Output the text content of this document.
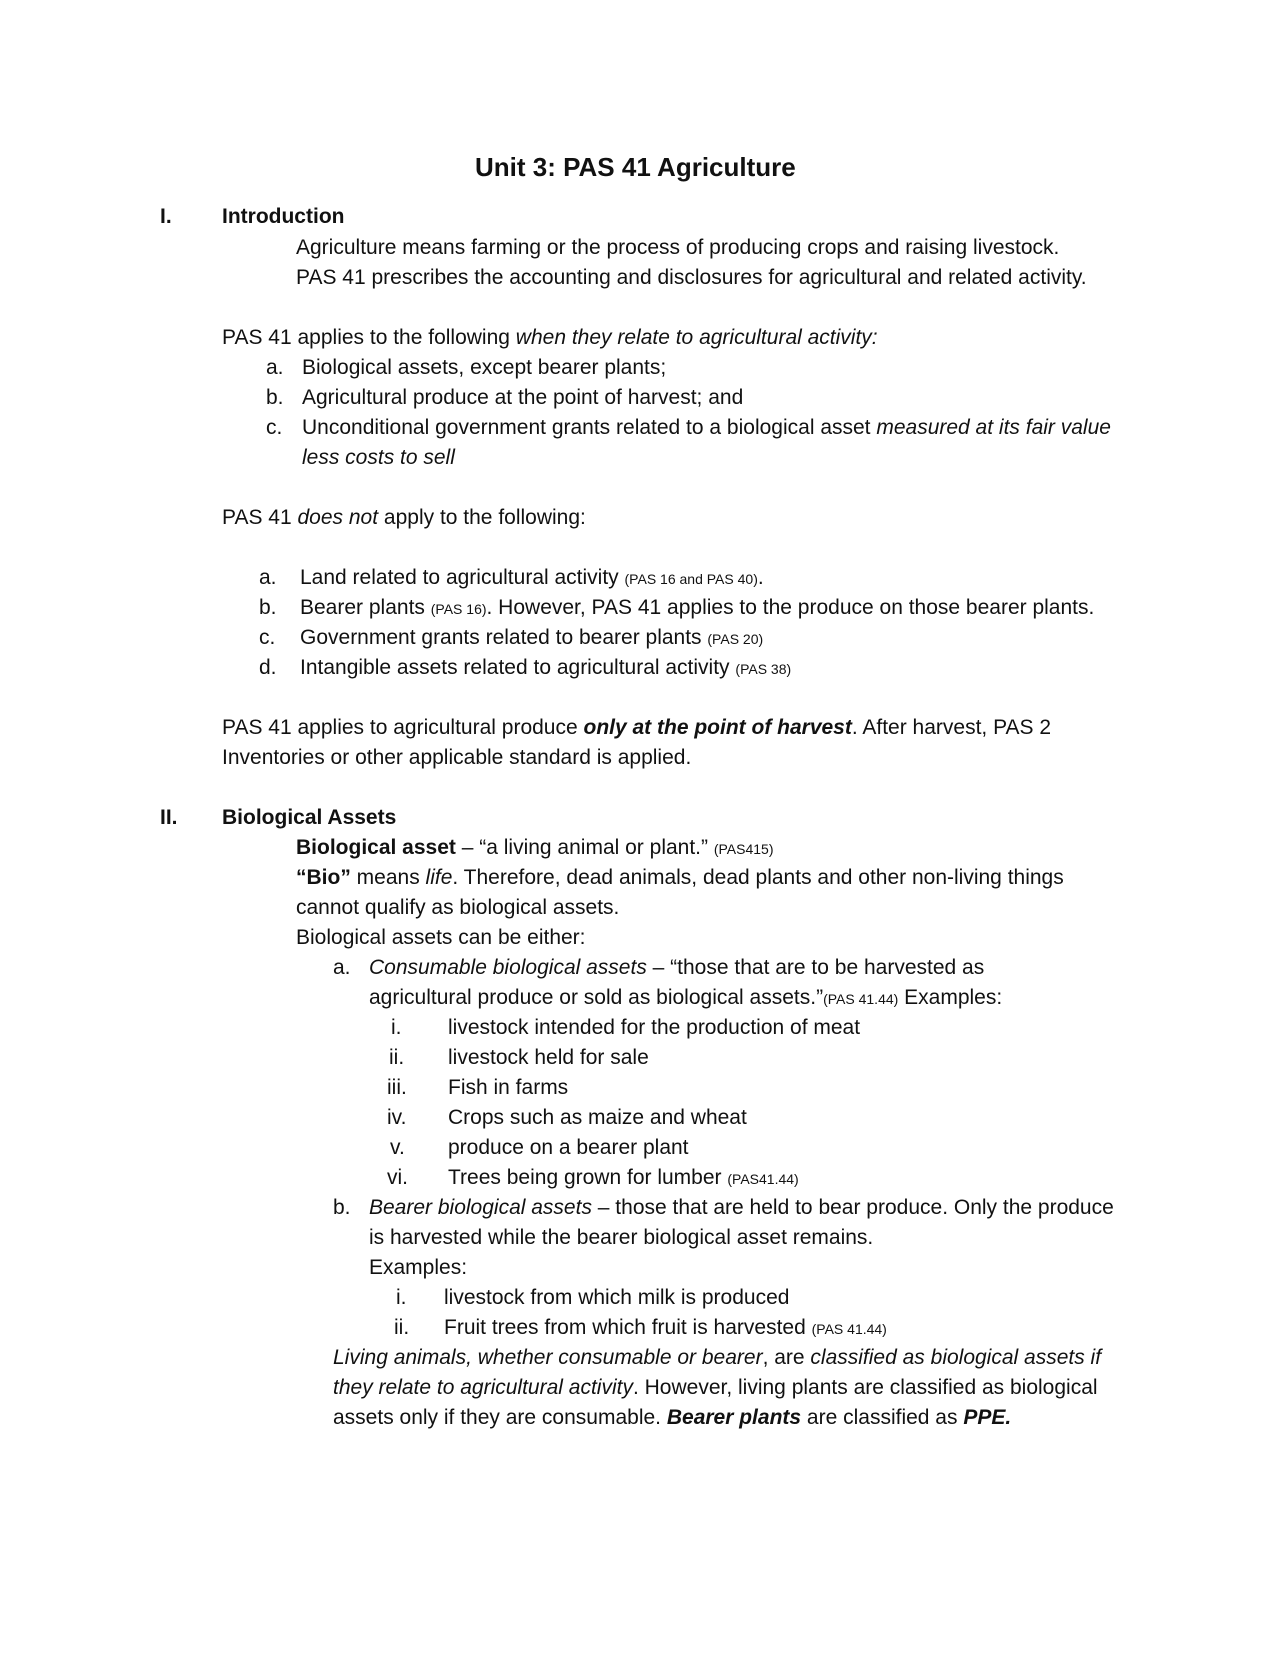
Unit 3: PAS 41 Agriculture
I. Introduction
Agriculture means farming or the process of producing crops and raising livestock.
PAS 41 prescribes the accounting and disclosures for agricultural and related activity.
PAS 41 applies to the following when they relate to agricultural activity:
a. Biological assets, except bearer plants;
b. Agricultural produce at the point of harvest; and
c. Unconditional government grants related to a biological asset measured at its fair value
less costs to sell
PAS 41 does not apply to the following:
a. Land related to agricultural activity (PAS 16 and PAS 40).
b. Bearer plants (PAS 16). However, PAS 41 applies to the produce on those bearer plants.
c. Government grants related to bearer plants (PAS 20)
d. Intangible assets related to agricultural activity (PAS 38)
PAS 41 applies to agricultural produce only at the point of harvest. After harvest, PAS 2
Inventories or other applicable standard is applied.
II. Biological Assets
Biological asset – “a living animal or plant.” (PAS415)
“Bio” means life. Therefore, dead animals, dead plants and other non-living things
cannot qualify as biological assets.
Biological assets can be either:
a. Consumable biological assets – “those that are to be harvested as
agricultural produce or sold as biological assets.”(PAS 41.44) Examples:
i. livestock intended for the production of meat
ii. livestock held for sale
iii. Fish in farms
iv. Crops such as maize and wheat
v. produce on a bearer plant
vi. Trees being grown for lumber (PAS41.44)
b. Bearer biological assets – those that are held to bear produce. Only the produce
is harvested while the bearer biological asset remains.
Examples:
i. livestock from which milk is produced
ii. Fruit trees from which fruit is harvested (PAS 41.44)
Living animals, whether consumable or bearer, are classified as biological assets if
they relate to agricultural activity. However, living plants are classified as biological
assets only if they are consumable. Bearer plants are classified as PPE.
